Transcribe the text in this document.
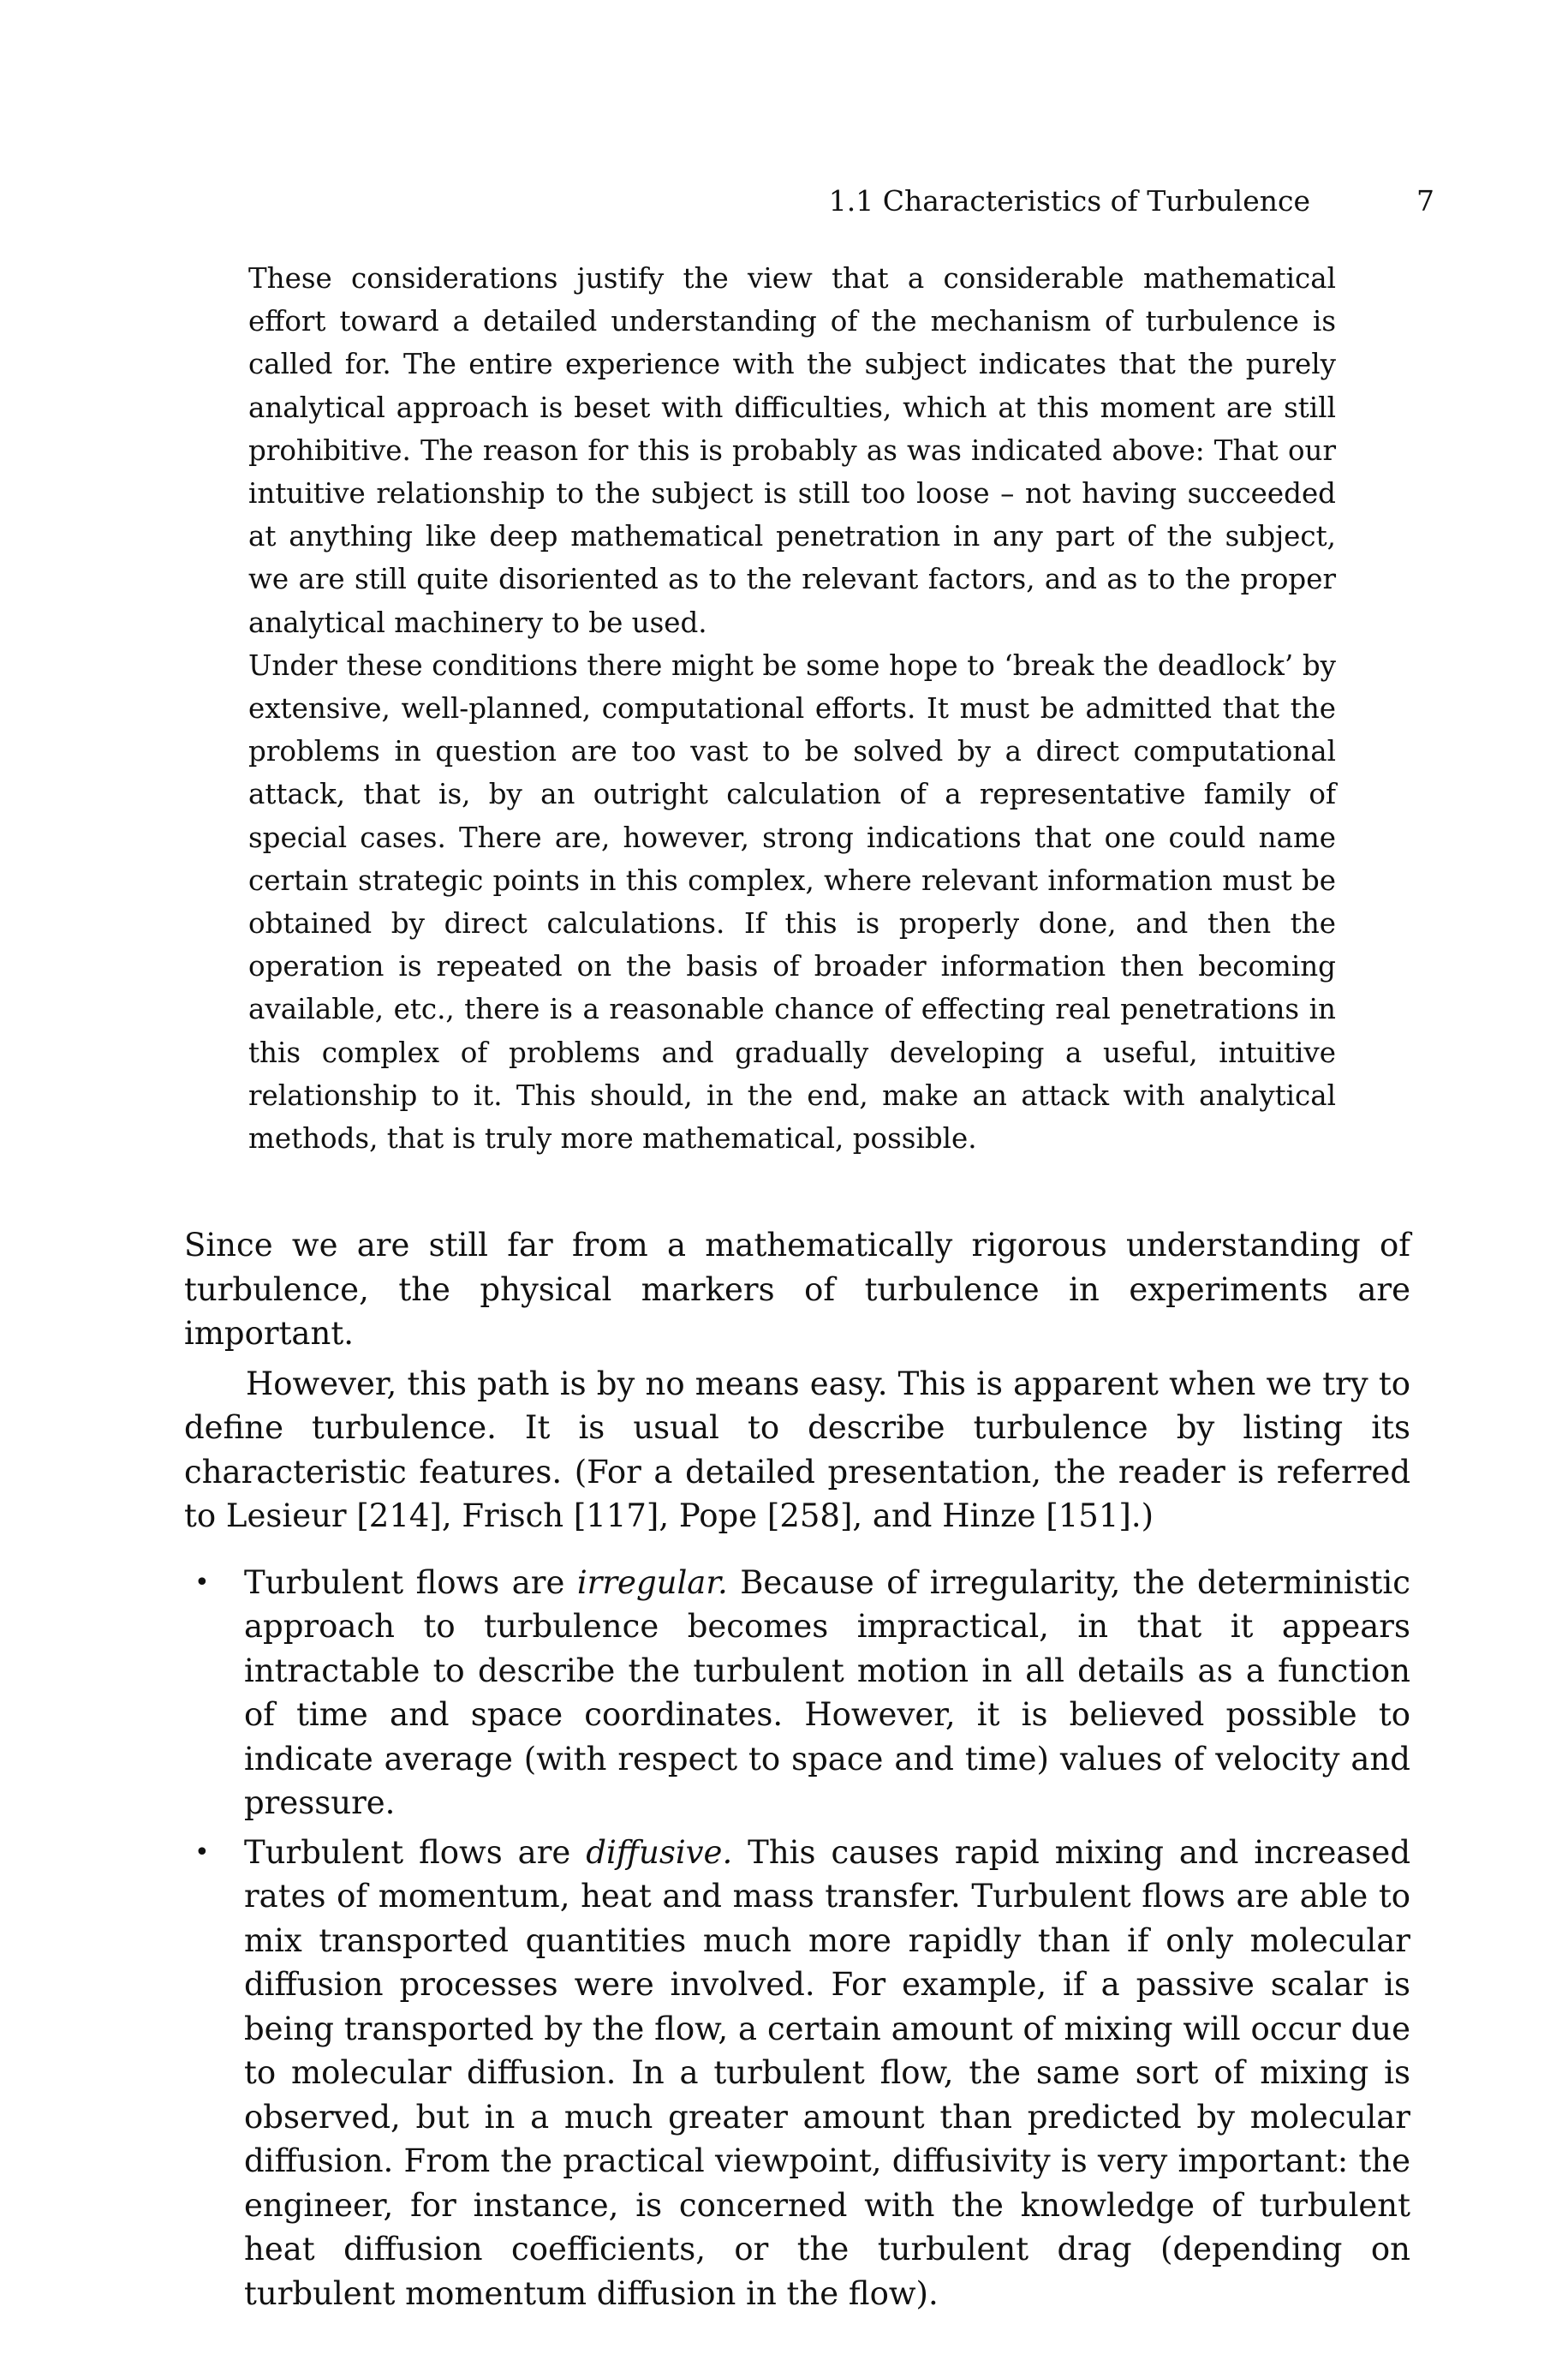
1.1 Characteristics of Turbulence	7

These considerations justify the view that a considerable mathematical effort toward a detailed understanding of the mechanism of turbulence is called for. The entire experience with the subject indicates that the purely analytical approach is beset with difficulties, which at this moment are still prohibitive. The reason for this is probably as was indicated above: That our intuitive relationship to the subject is still too loose – not having succeeded at anything like deep mathematical penetration in any part of the subject, we are still quite disoriented as to the relevant factors, and as to the proper analytical machinery to be used.

Under these conditions there might be some hope to ‘break the deadlock’ by extensive, well-planned, computational efforts. It must be admitted that the problems in question are too vast to be solved by a direct computational attack, that is, by an outright calculation of a representative family of special cases. There are, however, strong indications that one could name certain strategic points in this complex, where relevant information must be obtained by direct calculations. If this is properly done, and then the operation is repeated on the basis of broader information then becoming available, etc., there is a reasonable chance of effecting real penetrations in this complex of problems and gradually developing a useful, intuitive relationship to it. This should, in the end, make an attack with analytical methods, that is truly more mathematical, possible.

Since we are still far from a mathematically rigorous understanding of turbulence, the physical markers of turbulence in experiments are important.

However, this path is by no means easy. This is apparent when we try to define turbulence. It is usual to describe turbulence by listing its characteristic features. (For a detailed presentation, the reader is referred to Lesieur [214], Frisch [117], Pope [258], and Hinze [151].)

• Turbulent flows are irregular. Because of irregularity, the deterministic approach to turbulence becomes impractical, in that it appears intractable to describe the turbulent motion in all details as a function of time and space coordinates. However, it is believed possible to indicate average (with respect to space and time) values of velocity and pressure.
• Turbulent flows are diffusive. This causes rapid mixing and increased rates of momentum, heat and mass transfer. Turbulent flows are able to mix transported quantities much more rapidly than if only molecular diffusion processes were involved. For example, if a passive scalar is being transported by the flow, a certain amount of mixing will occur due to molecular diffusion. In a turbulent flow, the same sort of mixing is observed, but in a much greater amount than predicted by molecular diffusion. From the practical viewpoint, diffusivity is very important: the engineer, for instance, is concerned with the knowledge of turbulent heat diffusion coefficients, or the turbulent drag (depending on turbulent momentum diffusion in the flow).
